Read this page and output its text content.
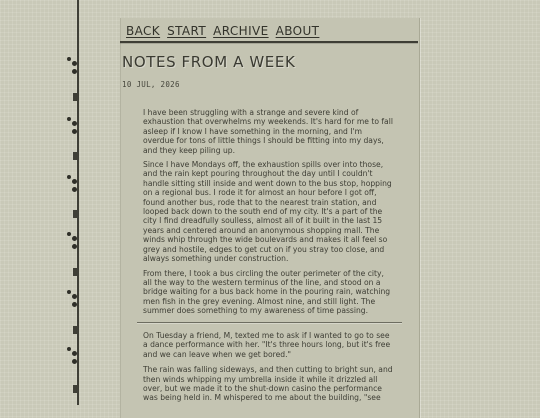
BACK START ARCHIVE ABOUT
NOTES FROM A WEEK

10 JUL, 2026

I have been struggling with a strange and severe kind of exhaustion that overwhelms my weekends. It's hard for me to fall asleep if I know I have something in the morning, and I'm overdue for tons of little things I should be fitting into my days, and they keep piling up.

Since I have Mondays off, the exhaustion spills over into those, and the rain kept pouring throughout the day until I couldn't handle sitting still inside and went down to the bus stop, hopping on a regional bus. I rode it for almost an hour before I got off, found another bus, rode that to the nearest train station, and looped back down to the south end of my city. It's a part of the city I find dreadfully soulless, almost all of it built in the last 15 years and centered around an anonymous shopping mall. The winds whip through the wide boulevards and makes it all feel so grey and hostile, edges to get cut on if you stray too close, and always something under construction.

From there, I took a bus circling the outer perimeter of the city, all the way to the western terminus of the line, and stood on a bridge waiting for a bus back home in the pouring rain, watching men fish in the grey evening. Almost nine, and still light. The summer does something to my awareness of time passing.

On Tuesday a friend, M, texted me to ask if I wanted to go to see a dance performance with her. "It's three hours long, but it's free and we can leave when we get bored."

The rain was falling sideways, and then cutting to bright sun, and then winds whipping my umbrella inside it while it drizzled all over, but we made it to the shut-down casino the performance was being held in. M whispered to me about the building, "see
